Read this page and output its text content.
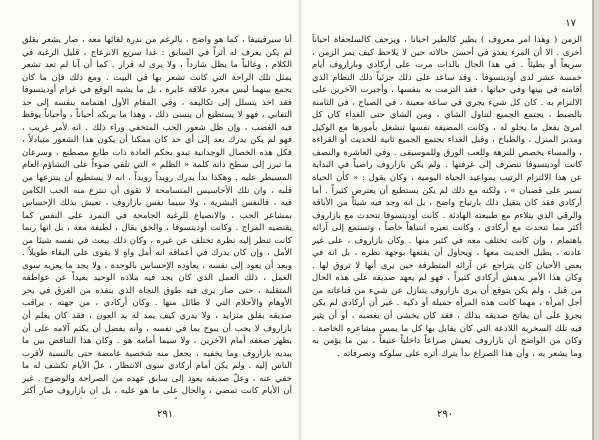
أنا سيرفيتيفا ، كما هو واضح ، بالرغم من ندرة لقائها معه ، صار يشعر بقلق لم يكن يعرف له أثراً في السابق : غدا سريع الانزعاج ، قليل الرغبة في الكلام ، وغالباً ما يظل شارداً ، ولا يرى له قرار . كما أن آنا لم تعد تشعر بمثل تلك الراحة التي كانت تشعر بها في البيت . ومع ذلك فإن ما كان يجمع بينهما ليس مجرد علاقة عابرة ، بل ما يشبه الوقع في غرام أوديتسوفا فقد اخذ يتسلل إلى تكاليفه ، وفي المقام الأول اهتمامه بنفسه إلى حد التفاني ، فهو لا يستطيع أن ينسى ذلك ، وهذا ما يربكه أحياناً ، وأحياناً يوقظ فيه الغضب ، وإن ظل شعور الحب المتخفي وراء ذلك . انه لأمر غريب ، فهو لم يكن يدرك بعد إلى أي حد كان ممكنا أن يكون هذا الشعور متبادلاً ، فكل هذه الخصال الوجدانية تبدو بحكم العادة ذات طابع مصطنع ، وسرعان ما تبرز إلى سطح ذاته كلمة « الظلم » التي تلقي ضوءاً على التشاؤم العام المسيطر عليه . وهكذا بدأ يدرك رويداً رويداً ، انه لا يستطيع أن ينتزعها من قلبه ، وان تلك الأحاسيس المتسامحة لا تقوى أن تنتزع منه الحب الكامن فيه ، فالنفس البشرية ، ولا سيما نفس بازاروف ، تعيش بذلك الإحساس بمشاعر الحب ، والانصياع للرغبة الجامحة في التمرد على النفس كما يقتضيه المزاج . وكانت أوديتسوفا ، والحق يقال ، لطيفة معه ، بل انها ربما كانت تنظر إليه نظرة تختلف عن غيره ، وكان ذلك يبعث في نفسه شيئا من الأمل ، وإن كان يدرك في أعماقه انه أمل واهٍ لا يقوى على البقاء طويلاً . وبعد أن يعود إلى نفسه ، يعاوده الإحساس بالوحدة ، ولا يجد ما يعزيه سوى العمل ، ذلك العمل الذي كان يجد فيه ملاذه الوحيد بعيداً عن عواطفه المتقلبة ، حتى صار يرى فيه طوق النجاة الذي ينقذه من الغرق في بحر الأوهام والأحلام التي لا طائل منها . وكان أركادي ، من جهته ، يراقب صديقه بقلق متزايد ، ولا يدري كيف يمد له يد العون ، فقد كان يعلم أن بازاروف لا يحب أن يبوح بما في نفسه ، وأنه يفضل أن يكتم آلامه على أن يظهر ضعفه أمام الآخرين ، ولا سيما أمامه هو . وكان هذا التناقض بين ما يبديه بازاروف وما يخفيه ، يجعل منه شخصية غامضة حتى بالنسبة لأقرب الناس إليه . ولم يكن أمام أركادي سوى الانتظار ، علّ الأيام تكشف له ما خفي عنه ، وعلّ صديقه يعود إلى سابق عهده من الصراحة والوضوح . غير أن الأيام كانت تمضي ، والحال على ما هو عليه ، بل ان بازاروف صار أكثر

٢٩١
١٧

الزمن ( وهذا امر معروف ) يطير كالطير احيانا ، ويزحف كالسلحفاة احياناً أخرى . الا أن المرء يغدو في أحسن حالاته حين لا يلاحظ كيف يمر الزمن ، سريعاً أو بطيئاً . في هذا الحال بالذات مرت على أركادي وبازاروف أيام خمسة عشر لدى أوديتسوفا . وقد ساعد على ذلك جزئياً ذلك النظام الذي أقامته في بيتها وفي حياتها ، فقد التزمت به بنفسها ، وأجبرت الآخرين على الالتزام به . كان كل شيء يجري في ساعة معينة ، في الصباح ، في الثامنة بالضبط ، يجتمع الجميع لتناول الشاي ، ومن الشاي حتى الغداء كان كل امرئ يفعل ما يحلو له ، وكانت المضيفة نفسها تنشغل بأمورها مع الوكيل ومدبر المنزل ، والطباخ ، وقبل الغداء يجتمع الجميع ثانية للحديث أو القراءة ، والمساء يخصص للنزهة وللعب الورق وللموسيقى . وفي العاشرة والنصف كانت أوديتسوفا تنصرف إلى غرفتها . ولم يكن بازاروف راضياً في البداية عن هذا الالتزام الرتيب بمواعيد الحياة اليومية ، وكان يقول : « كأن الحياة تسير على قضبان » ، ولكنه مع ذلك لم يكن يستطيع أن يعترض كثيراً . أما أركادي فقد كان يتقبل ذلك بارتياح واضح ، بل انه وجد فيه شيئاً من الأناقة والرقي الذي يتلاءم مع طبيعته الهادئة . كانت أوديتسوفا تتحدث مع بازاروف أكثر مما تتحدث مع أركادي ، وكانت تعيره انتباهاً خاصاً ، وتستمع إلى آرائه باهتمام ، وإن كانت تختلف معه في كثير منها . وكان بازاروف ، على غير عادته ، يطيل الحديث معها ، ويحاول أن يقنعها بوجهة نظره ، بل انه في بعض الأحيان كان يتراجع عن آرائه المتطرفة حين يرى أنها لا تروق لها . وكان هذا الأمر يدهش أركادي كثيراً ، فهو لم يعهد صديقه على هذه الحال من قبل ، ولم يكن يتوقع أن يرى بازاروف يتنازل عن شيء من قناعاته من أجل امرأة ، مهما كانت هذه المرأة جميلة أو ذكية . غير أن أركادي لم يكن يجرؤ على أن يفاتح صديقه بذلك ، فقد كان يخشى أن يغضبه ، أو أن يثير فيه تلك السخرية اللاذعة التي كان يقابل بها كل ما يمس مشاعره الخاصة . وكان من الواضح أن بازاروف يعيش صراعاً داخلياً عنيفاً ، بين ما يؤمن به وما يشعر به ، وأن هذا الصراع بدأ يترك أثره على سلوكه وتصرفاته .

٢٩٠
